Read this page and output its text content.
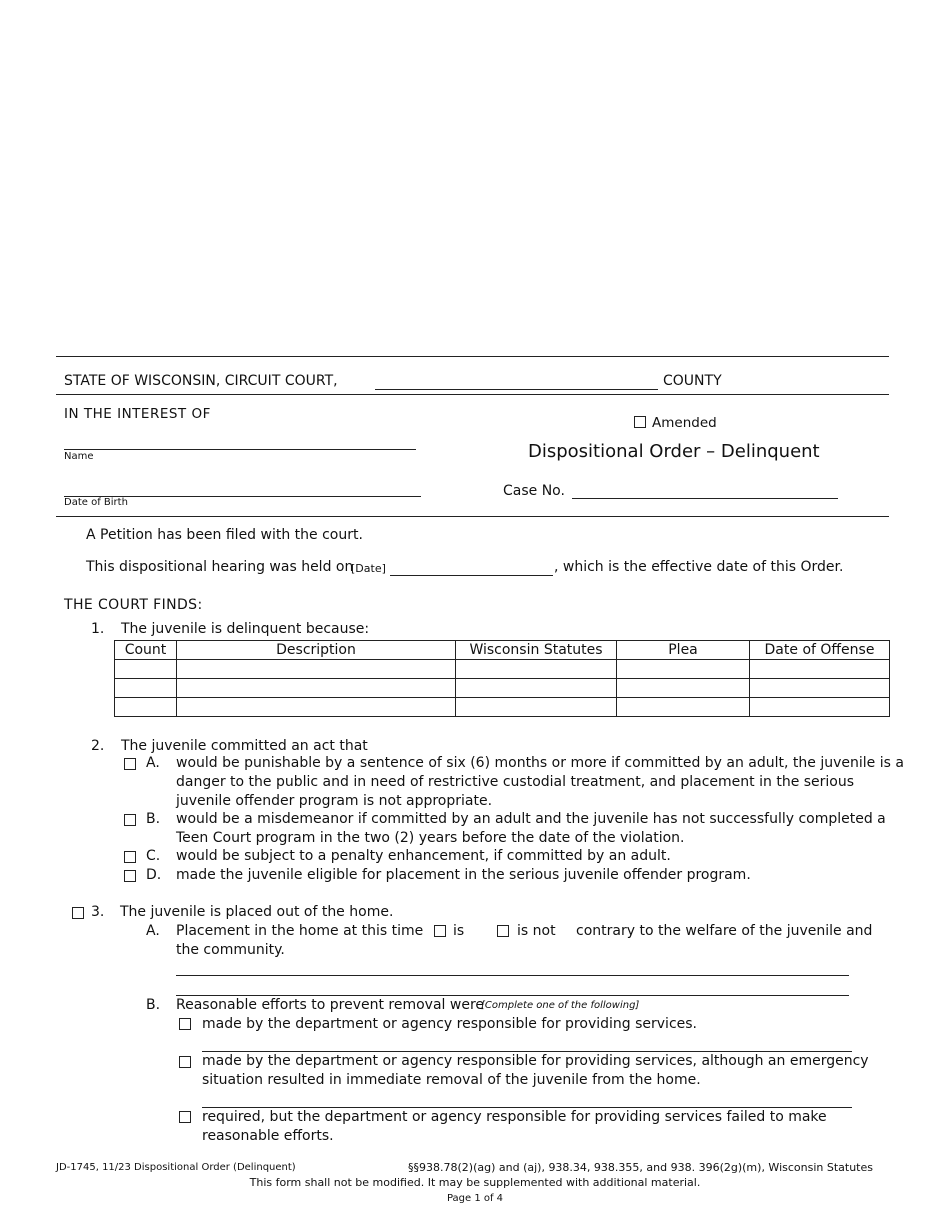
STATE OF WISCONSIN, CIRCUIT COURT,	COUNTY
IN THE INTEREST OF
Name
Date of Birth
Amended
Dispositional Order – Delinquent
Case No.
A Petition has been filed with the court.
This dispositional hearing was held on
[Date]	, which is the effective date of this Order.
THE COURT FINDS:
1. The juvenile is delinquent because:
Count	Description	Wisconsin Statutes	Plea	Date of Offense

2. The juvenile committed an act that
A. would be punishable by a sentence of six (6) months or more if committed by an adult, the juvenile is a
danger to the public and in need of restrictive custodial treatment, and placement in the serious
juvenile offender program is not appropriate.
B. would be a misdemeanor if committed by an adult and the juvenile has not successfully completed a
Teen Court program in the two (2) years before the date of the violation.
C. would be subject to a penalty enhancement, if committed by an adult.
D. made the juvenile eligible for placement in the serious juvenile offender program.
3. The juvenile is placed out of the home.
A. Placement in the home at this time is	is not contrary to the welfare of the juvenile and
the community.
B. Reasonable efforts to prevent removal were
[Complete one of the following]
made by the department or agency responsible for providing services.
made by the department or agency responsible for providing services, although an emergency
situation resulted in immediate removal of the juvenile from the home.
required, but the department or agency responsible for providing services failed to make
reasonable efforts.
JD-1745, 11/23 Dispositional Order (Delinquent)	§§938.78(2)(ag) and (aj), 938.34, 938.355, and 938. 396(2g)(m), Wisconsin Statutes
This form shall not be modified. It may be supplemented with additional material.
Page 1 of 4
